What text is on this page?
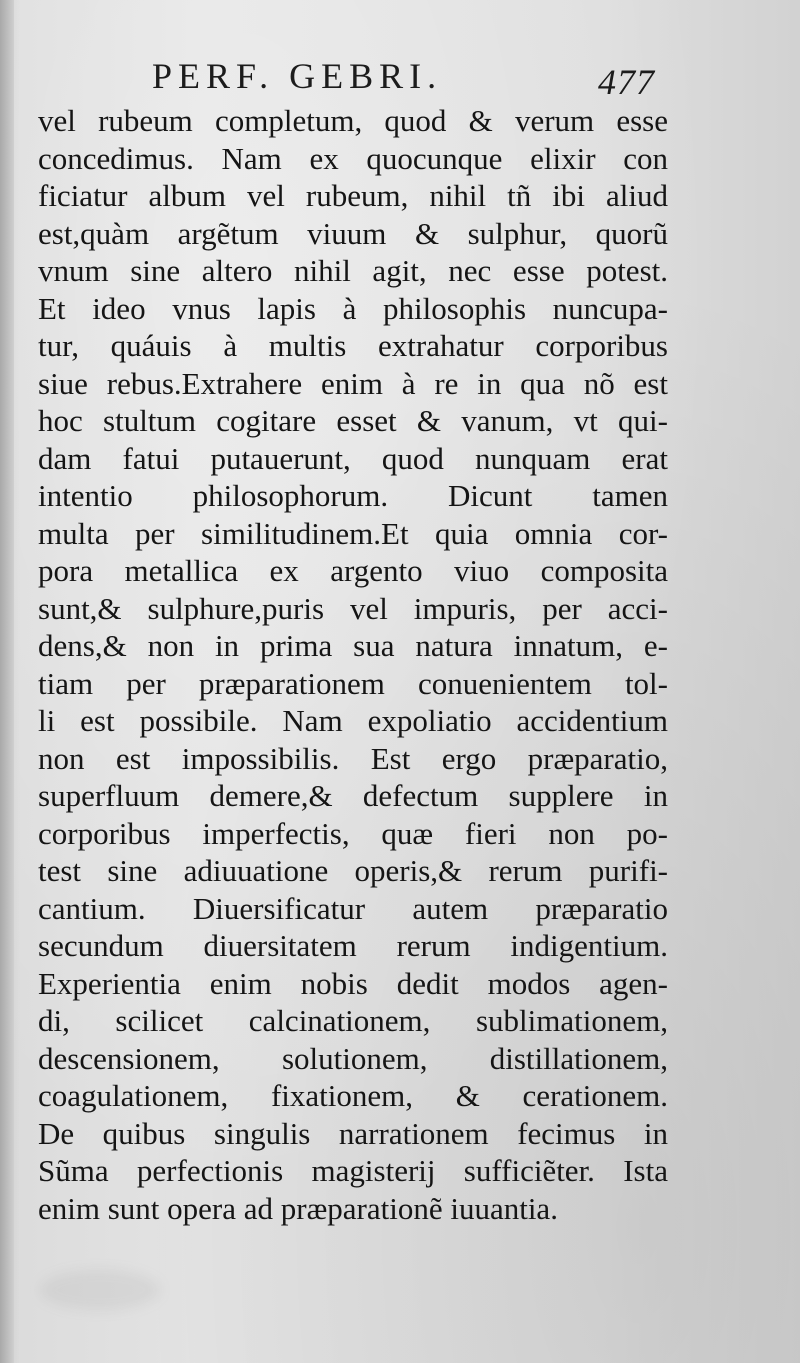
PERF. GEBRI.	477
vel rubeum completum, quod & verum esse
concedimus. Nam ex quocunque elixir con
ficiatur album vel rubeum, nihil tñ ibi aliud
est,quàm argẽtum viuum & sulphur, quorũ
vnum sine altero nihil agit, nec esse potest.
Et ideo vnus lapis à philosophis nuncupa-
tur, quáuis à multis extrahatur corporibus
siue rebus.Extrahere enim à re in qua nõ est
hoc stultum cogitare esset & vanum, vt qui-
dam fatui putauerunt, quod nunquam erat
intentio philosophorum. Dicunt tamen
multa per similitudinem.Et quia omnia cor-
pora metallica ex argento viuo composita
sunt,& sulphure,puris vel impuris, per acci-
dens,& non in prima sua natura innatum, e-
tiam per præparationem conuenientem tol-
li est possibile. Nam expoliatio accidentium
non est impossibilis. Est ergo præparatio,
superfluum demere,& defectum supplere in
corporibus imperfectis, quæ fieri non po-
test sine adiuuatione operis,& rerum purifi-
cantium. Diuersificatur autem præparatio
secundum diuersitatem rerum indigentium.
Experientia enim nobis dedit modos agen-
di, scilicet calcinationem, sublimationem,
descensionem, solutionem, distillationem,
coagulationem, fixationem, & cerationem.
De quibus singulis narrationem fecimus in
Sũma perfectionis magisterij sufficiẽter. Ista
enim sunt opera ad præparationẽ iuuantia.
